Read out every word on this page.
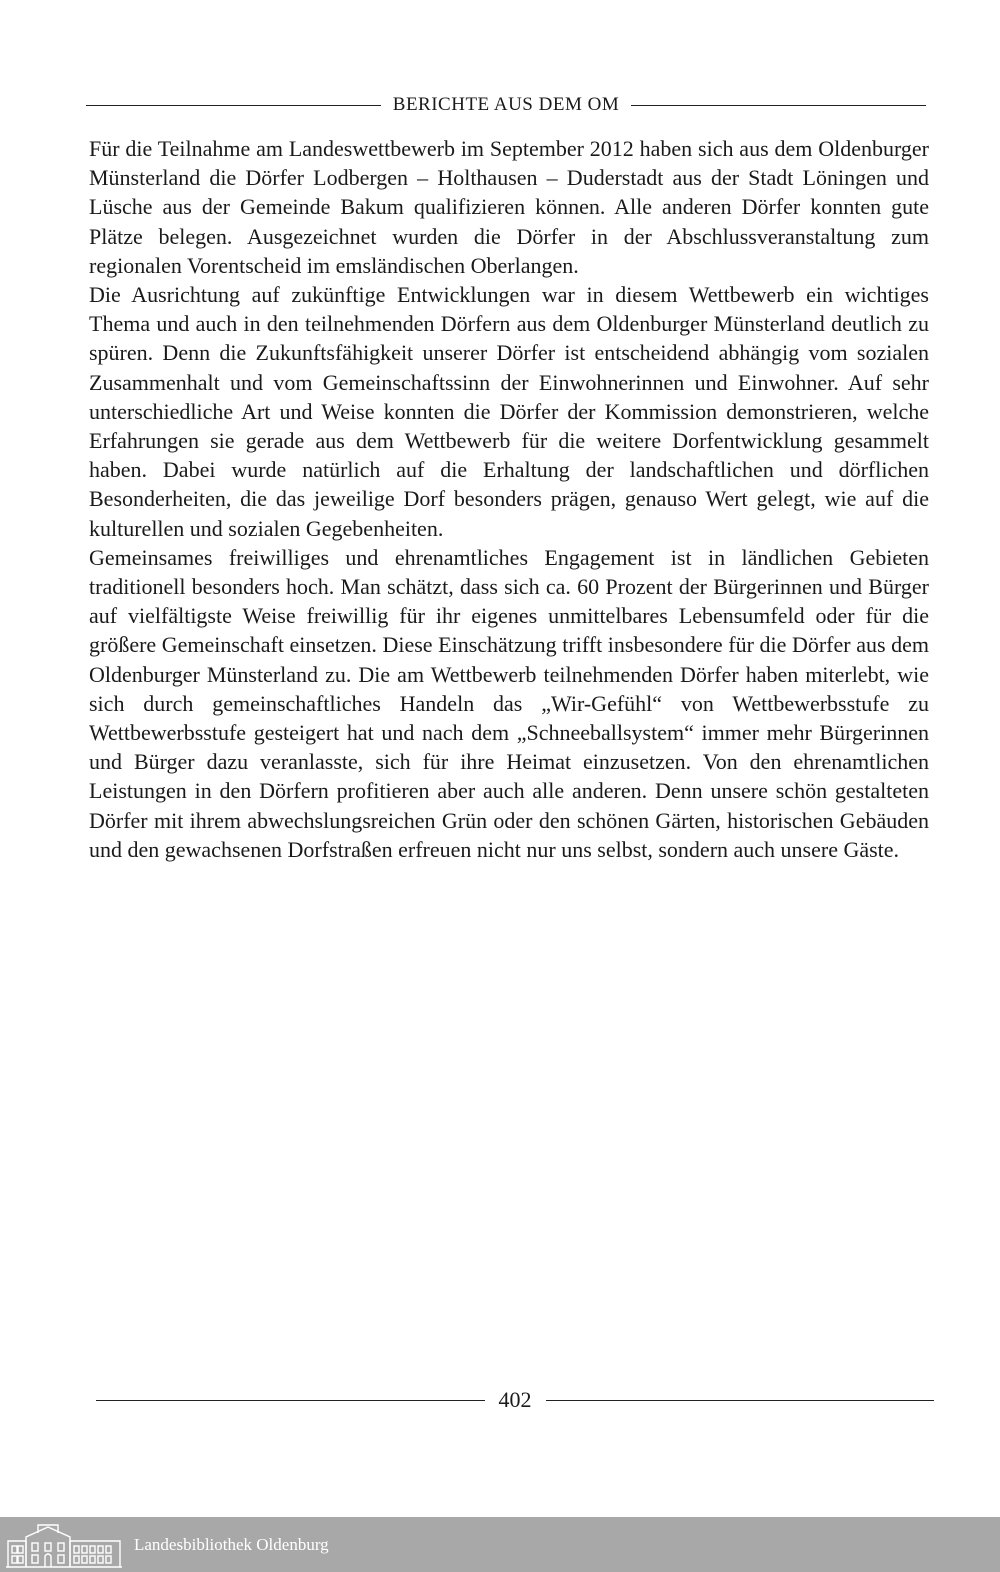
BERICHTE AUS DEM OM

Für die Teilnahme am Landeswettbewerb im September 2012 haben sich aus dem Oldenburger Münsterland die Dörfer Lodbergen – Holthausen – Duderstadt aus der Stadt Löningen und Lüsche aus der Gemeinde Bakum qualifizieren können. Alle anderen Dörfer konnten gute Plätze belegen. Ausgezeichnet wurden die Dörfer in der Abschlussveranstaltung zum regionalen Vorentscheid im emsländischen Oberlangen.

Die Ausrichtung auf zukünftige Entwicklungen war in diesem Wettbewerb ein wichtiges Thema und auch in den teilnehmenden Dörfern aus dem Oldenburger Münsterland deutlich zu spüren. Denn die Zukunftsfähigkeit unserer Dörfer ist entscheidend abhängig vom sozialen Zusammenhalt und vom Gemeinschaftssinn der Einwohnerinnen und Einwohner. Auf sehr unterschiedliche Art und Weise konnten die Dörfer der Kommission demonstrieren, welche Erfahrungen sie gerade aus dem Wettbewerb für die weitere Dorfentwicklung gesammelt haben. Dabei wurde natürlich auf die Erhaltung der landschaftlichen und dörflichen Besonderheiten, die das jeweilige Dorf besonders prägen, genauso Wert gelegt, wie auf die kulturellen und sozialen Gegebenheiten.

Gemeinsames freiwilliges und ehrenamtliches Engagement ist in ländlichen Gebieten traditionell besonders hoch. Man schätzt, dass sich ca. 60 Prozent der Bürgerinnen und Bürger auf vielfältigste Weise freiwillig für ihr eigenes unmittelbares Lebensumfeld oder für die größere Gemeinschaft einsetzen. Diese Einschätzung trifft insbesondere für die Dörfer aus dem Oldenburger Münsterland zu. Die am Wettbewerb teilnehmenden Dörfer haben miterlebt, wie sich durch gemeinschaftliches Handeln das „Wir-Gefühl“ von Wettbewerbsstufe zu Wettbewerbsstufe gesteigert hat und nach dem „Schneeballsystem“ immer mehr Bürgerinnen und Bürger dazu veranlasste, sich für ihre Heimat einzusetzen. Von den ehrenamtlichen Leistungen in den Dörfern profitieren aber auch alle anderen. Denn unsere schön gestalteten Dörfer mit ihrem abwechslungsreichen Grün oder den schönen Gärten, historischen Gebäuden und den gewachsenen Dorfstraßen erfreuen nicht nur uns selbst, sondern auch unsere Gäste.

402
Landesbibliothek Oldenburg
